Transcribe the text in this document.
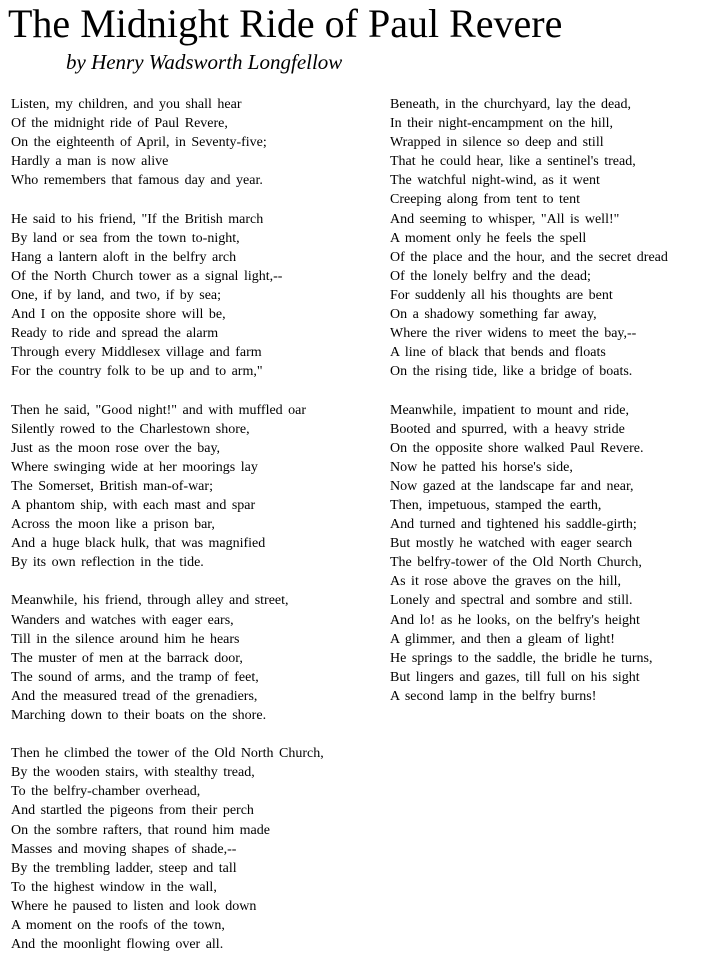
The Midnight Ride of Paul Revere
by Henry Wadsworth Longfellow
Listen, my children, and you shall hear
Of the midnight ride of Paul Revere,
On the eighteenth of April, in Seventy-five;
Hardly a man is now alive
Who remembers that famous day and year.
He said to his friend, "If the British march
By land or sea from the town to-night,
Hang a lantern aloft in the belfry arch
Of the North Church tower as a signal light,--
One, if by land, and two, if by sea;
And I on the opposite shore will be,
Ready to ride and spread the alarm
Through every Middlesex village and farm
For the country folk to be up and to arm,"
Then he said, "Good night!" and with muffled oar
Silently rowed to the Charlestown shore,
Just as the moon rose over the bay,
Where swinging wide at her moorings lay
The Somerset, British man-of-war;
A phantom ship, with each mast and spar
Across the moon like a prison bar,
And a huge black hulk, that was magnified
By its own reflection in the tide.
Meanwhile, his friend, through alley and street,
Wanders and watches with eager ears,
Till in the silence around him he hears
The muster of men at the barrack door,
The sound of arms, and the tramp of feet,
And the measured tread of the grenadiers,
Marching down to their boats on the shore.
Then he climbed the tower of the Old North Church,
By the wooden stairs, with stealthy tread,
To the belfry-chamber overhead,
And startled the pigeons from their perch
On the sombre rafters, that round him made
Masses and moving shapes of shade,--
By the trembling ladder, steep and tall
To the highest window in the wall,
Where he paused to listen and look down
A moment on the roofs of the town,
And the moonlight flowing over all.
Beneath, in the churchyard, lay the dead,
In their night-encampment on the hill,
Wrapped in silence so deep and still
That he could hear, like a sentinel's tread,
The watchful night-wind, as it went
Creeping along from tent to tent
And seeming to whisper, "All is well!"
A moment only he feels the spell
Of the place and the hour, and the secret dread
Of the lonely belfry and the dead;
For suddenly all his thoughts are bent
On a shadowy something far away,
Where the river widens to meet the bay,--
A line of black that bends and floats
On the rising tide, like a bridge of boats.
Meanwhile, impatient to mount and ride,
Booted and spurred, with a heavy stride
On the opposite shore walked Paul Revere.
Now he patted his horse's side,
Now gazed at the landscape far and near,
Then, impetuous, stamped the earth,
And turned and tightened his saddle-girth;
But mostly he watched with eager search
The belfry-tower of the Old North Church,
As it rose above the graves on the hill,
Lonely and spectral and sombre and still.
And lo! as he looks, on the belfry's height
A glimmer, and then a gleam of light!
He springs to the saddle, the bridle he turns,
But lingers and gazes, till full on his sight
A second lamp in the belfry burns!
